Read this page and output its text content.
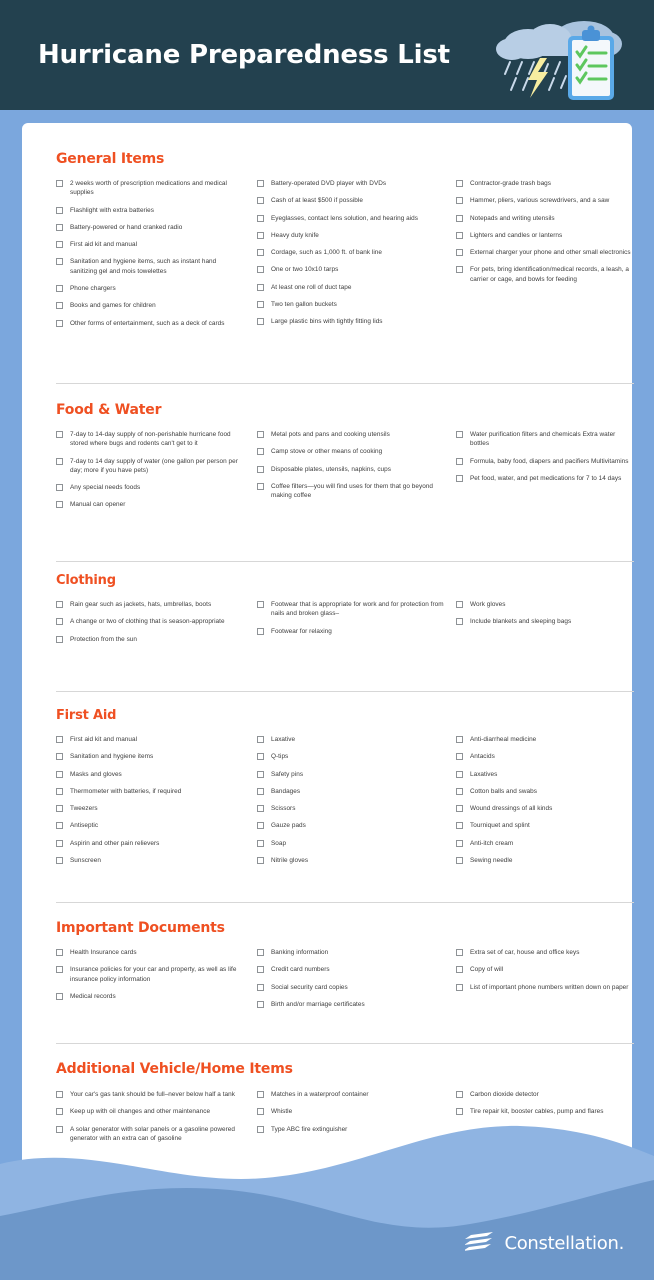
Hurricane Preparedness List
General Items
2 weeks worth of prescription medications and medical supplies
Flashlight with extra batteries
Battery-powered or hand cranked radio
First aid kit and manual
Sanitation and hygiene items, such as instant hand sanitizing gel and mois towelettes
Phone chargers
Books and games for children
Other forms of entertainment, such as a deck of cards
Battery-operated DVD player with DVDs
Cash of at least $500 if possible
Eyeglasses, contact lens solution, and hearing aids
Heavy duty knife
Cordage, such as 1,000 ft. of bank line
One or two 10x10 tarps
At least one roll of duct tape
Two ten gallon buckets
Large plastic bins with tightly fitting lids
Contractor-grade trash bags
Hammer, pliers, various screwdrivers, and a saw
Notepads and writing utensils
Lighters and candles or lanterns
External charger your phone and other small electronics
For pets, bring identification/medical records, a leash, a carrier or cage, and bowls for feeding
Food & Water
7-day to 14-day supply of non-perishable hurricane food stored where bugs and rodents can't get to it
7-day to 14 day supply of water (one gallon per person per day; more if you have pets)
Any special needs foods
Manual can opener
Metal pots and pans and cooking utensils
Camp stove or other means of cooking
Disposable plates, utensils, napkins, cups
Coffee filters—you will find uses for them that go beyond making coffee
Water purification filters and chemicals Extra water bottles
Formula, baby food, diapers and pacifiers Multivitamins
Pet food, water, and pet medications for 7 to 14 days
Clothing
Rain gear such as jackets, hats, umbrellas, boots
A change or two of clothing that is season-appropriate
Protection from the sun
Footwear that is appropriate for work and for protection from nails and broken glass–
Footwear for relaxing
Work gloves
Include blankets and sleeping bags
First Aid
First aid kit and manual
Sanitation and hygiene items
Masks and gloves
Thermometer with batteries, if required
Tweezers
Antiseptic
Aspirin and other pain relievers
Sunscreen
Laxative
Q-tips
Safety pins
Bandages
Scissors
Gauze pads
Soap
Nitrile gloves
Anti-diarrheal medicine
Antacids
Laxatives
Cotton balls and swabs
Wound dressings of all kinds
Tourniquet and splint
Anti-itch cream
Sewing needle
Important Documents
Health Insurance cards
Insurance policies for your car and property, as well as life insurance policy information
Medical records
Banking information
Credit card numbers
Social security card copies
Birth and/or marriage certificates
Extra set of car, house and office keys
Copy of will
List of important phone numbers written down on paper
Additional Vehicle/Home Items
Your car's gas tank should be full–never below half a tank
Keep up with oil changes and other maintenance
A solar generator with solar panels or a gasoline powered generator with an extra can of gasoline
Matches in a waterproof container
Whistle
Type ABC fire extinguisher
Carbon dioxide detector
Tire repair kit, booster cables, pump and flares
Constellation.
